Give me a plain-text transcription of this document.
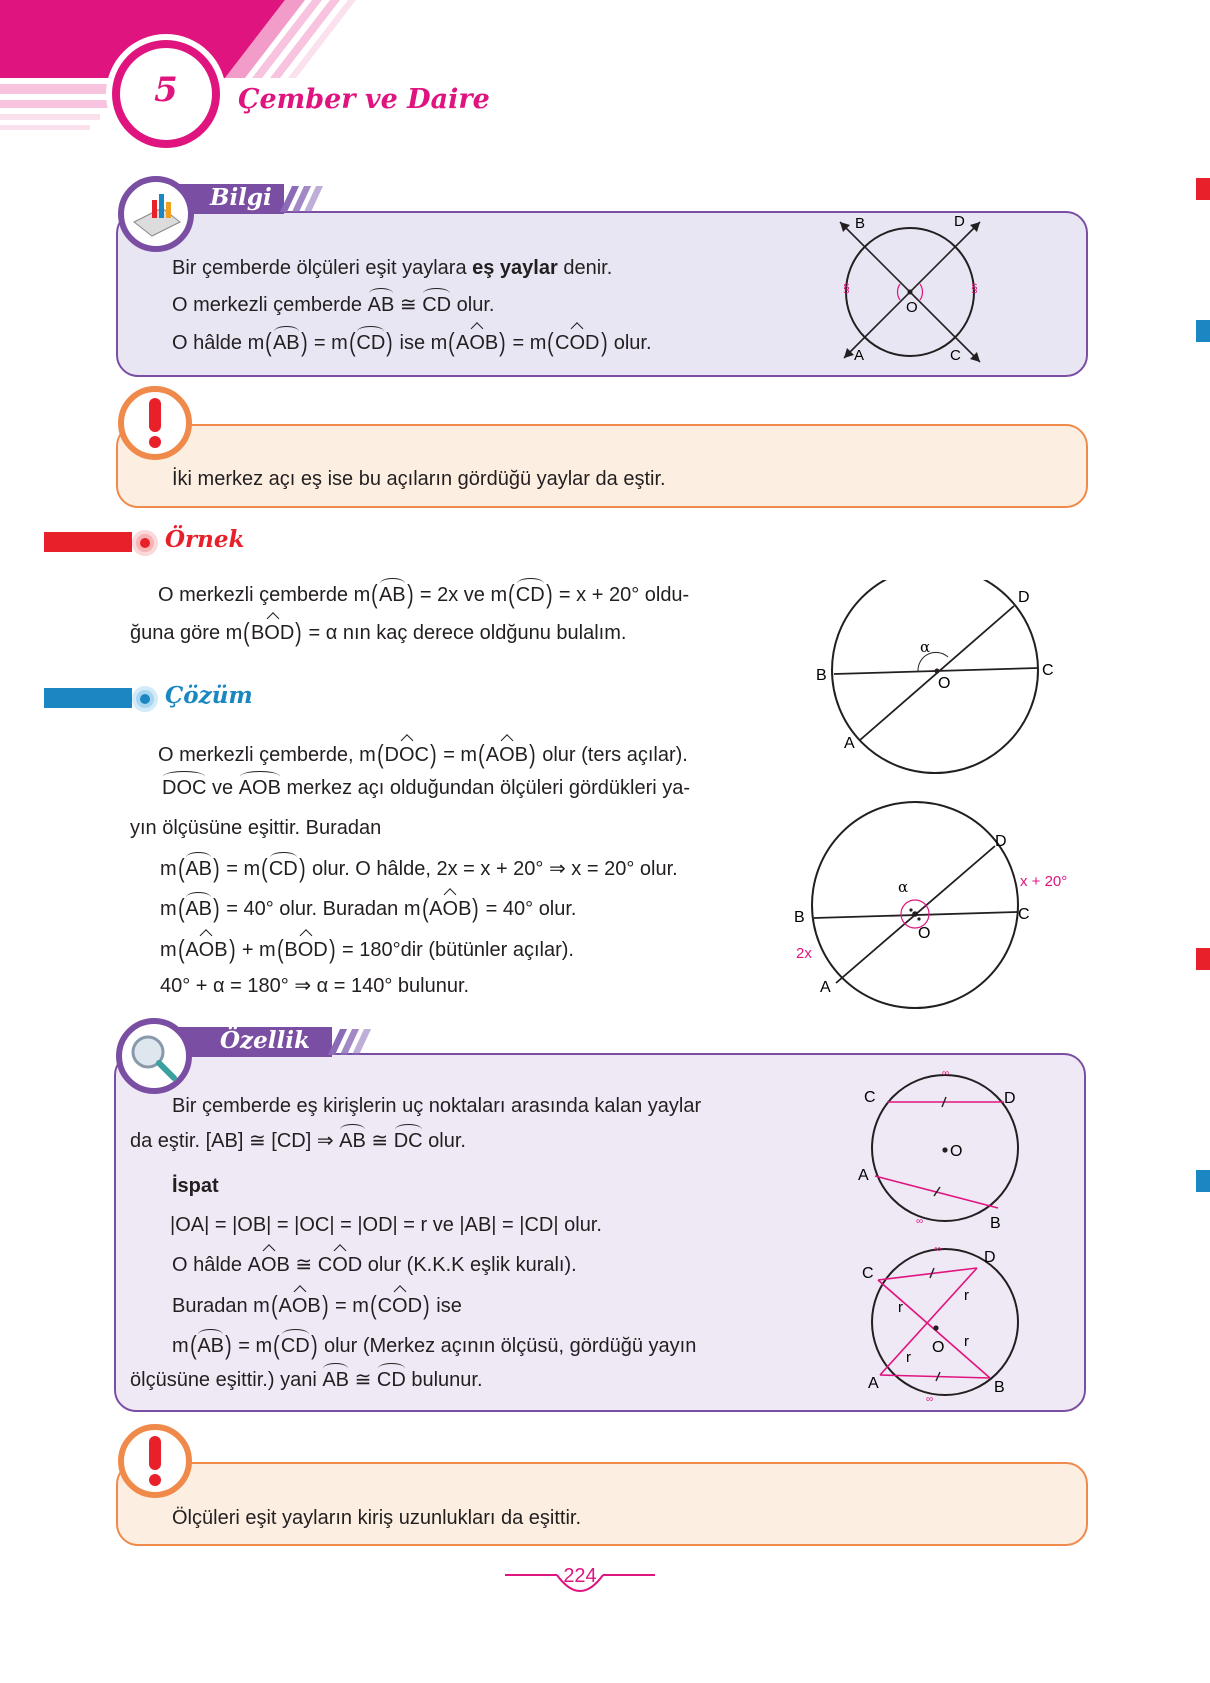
5	Çember ve Daire
Bilgi
Bir çemberde ölçüleri eşit yaylara eş yaylar denir.
O merkezli çemberde AB ≅ CD olur.
O hâlde m(AB) = m(CD) ise m(AOB) = m(COD) olur.
§	§
B	D
A	C
O
İki merkez açı eş ise bu açıların gördüğü yaylar da eştir.
Örnek
O merkezli çemberde m(AB) = 2x ve m(CD) = x + 20° oldu-
ğuna göre m(BOD) = α nın kaç derece oldğunu bulalım.
D
B	C
O
A
α
Çözüm
O merkezli çemberde, m(DOC) = m(AOB) olur (ters açılar).
DOC ve AOB merkez açı olduğundan ölçüleri gördükleri ya-
yın ölçüsüne eşittir. Buradan
m(AB) = m(CD) olur. O hâlde, 2x = x + 20° ⇒ x = 20° olur.
m(AB) = 40° olur. Buradan m(AOB) = 40° olur.
m(AOB) + m(BOD) = 180°dir (bütünler açılar).
40° + α = 180° ⇒ α = 140° bulunur.
D
B	C
O
A
α	x + 20°
2x
Özellik
Bir çemberde eş kirişlerin uç noktaları arasında kalan yaylar
da eştir. [AB] ≅ [CD] ⇒ AB ≅ DC olur.
İspat
|OA| = |OB| = |OC| = |OD| = r ve |AB| = |CD| olur.
O hâlde AOB ≅ COD olur (K.K.K eşlik kuralı).
Buradan m(AOB) = m(COD) ise
m(AB) = m(CD) olur (Merkez açının ölçüsü, gördüğü yayın
ölçüsüne eşittir.) yani AB ≅ CD bulunur.
∞
∞
C	D
O
A
B
∞
∞
C
D
O
A	B
r
r
r
r
Ölçüleri eşit yayların kiriş uzunlukları da eşittir.
224
